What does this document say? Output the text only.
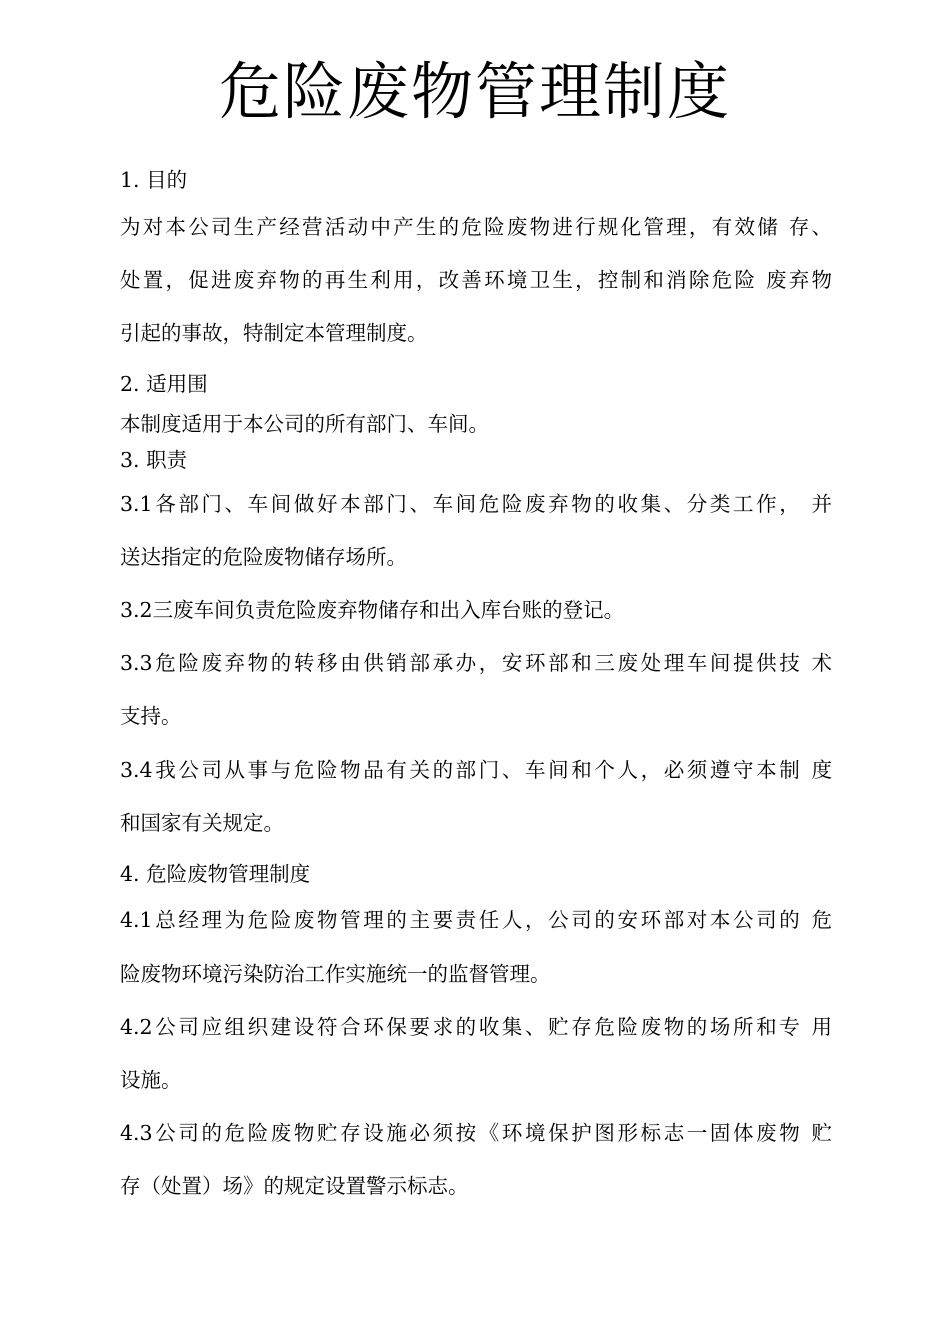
危险废物管理制度
1. 目的
为对本公司生产经营活动中产生的危险废物进行规化管理，有效储 存、
处置，促进废弃物的再生利用，改善环境卫生，控制和消除危险 废弃物
引起的事故，特制定本管理制度。
2. 适用围
本制度适用于本公司的所有部门、车间。
3. 职责
3.1各部门、车间做好本部门、车间危险废弃物的收集、分类工作， 并
送达指定的危险废物储存场所。
3.2三废车间负责危险废弃物储存和出入库台账的登记。
3.3危险废弃物的转移由供销部承办，安环部和三废处理车间提供技 术
支持。
3.4我公司从事与危险物品有关的部门、车间和个人，必须遵守本制 度
和国家有关规定。
4. 危险废物管理制度
4.1总经理为危险废物管理的主要责任人，公司的安环部对本公司的 危
险废物环境污染防治工作实施统一的监督管理。
4.2公司应组织建设符合环保要求的收集、贮存危险废物的场所和专 用
设施。
4.3公司的危险废物贮存设施必须按《环境保护图形标志一固体废物 贮
存（处置）场》的规定设置警示标志。
